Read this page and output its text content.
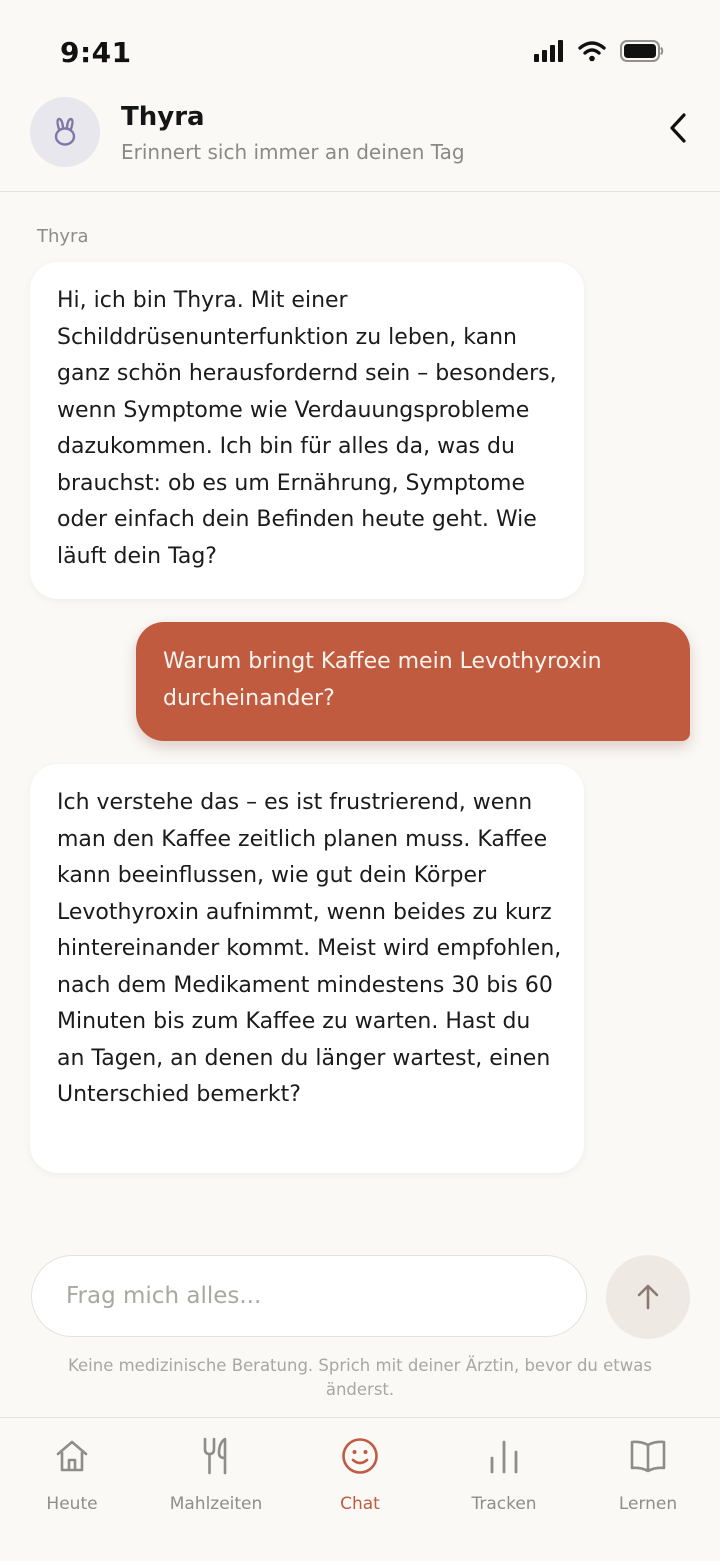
9:41
Thyra
Erinnert sich immer an deinen Tag
Thyra
Hi, ich bin Thyra. Mit einer Schilddrüsenunterfunktion zu leben, kann ganz schön herausfordernd sein – besonders, wenn Symptome wie Verdauungsprobleme dazukommen. Ich bin für alles da, was du brauchst: ob es um Ernährung, Symptome oder einfach dein Befinden heute geht. Wie läuft dein Tag?
Warum bringt Kaffee mein Levothyroxin durcheinander?
Ich verstehe das – es ist frustrierend, wenn man den Kaffee zeitlich planen muss. Kaffee kann beeinflussen, wie gut dein Körper Levothyroxin aufnimmt, wenn beides zu kurz hintereinander kommt. Meist wird empfohlen, nach dem Medikament mindestens 30 bis 60 Minuten bis zum Kaffee zu warten. Hast du an Tagen, an denen du länger wartest, einen Unterschied bemerkt?
Frag mich alles...
Keine medizinische Beratung. Sprich mit deiner Ärztin, bevor du etwas änderst.
Heute	Mahlzeiten	Chat	Tracken	Lernen
